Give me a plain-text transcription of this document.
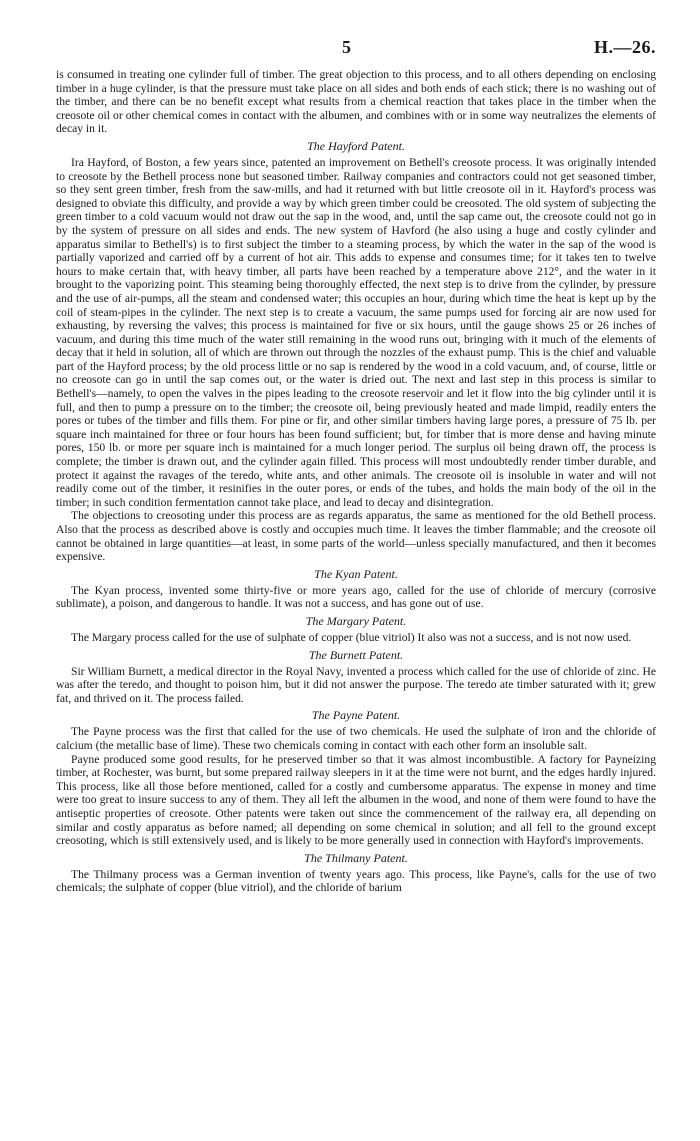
5	H.—26.

is consumed in treating one cylinder full of timber. The great objection to this process, and to all others depending on enclosing timber in a huge cylinder, is that the pressure must take place on all sides and both ends of each stick; there is no washing out of the timber, and there can be no benefit except what results from a chemical reaction that takes place in the timber when the creosote oil or other chemical comes in contact with the albumen, and combines with or in some way neutralizes the elements of decay in it.

The Hayford Patent.

Ira Hayford, of Boston, a few years since, patented an improvement on Bethell's creosote process. It was originally intended to creosote by the Bethell process none but seasoned timber. Railway companies and contractors could not get seasoned timber, so they sent green timber, fresh from the saw-mills, and had it returned with but little creosote oil in it. Hayford's process was designed to obviate this difficulty, and provide a way by which green timber could be creosoted. The old system of subjecting the green timber to a cold vacuum would not draw out the sap in the wood, and, until the sap came out, the creosote could not go in by the system of pressure on all sides and ends. The new system of Havford (he also using a huge and costly cylinder and apparatus similar to Bethell's) is to first subject the timber to a steaming process, by which the water in the sap of the wood is partially vaporized and carried off by a current of hot air. This adds to expense and consumes time; for it takes ten to twelve hours to make certain that, with heavy timber, all parts have been reached by a temperature above 212°, and the water in it brought to the vaporizing point. This steaming being thoroughly effected, the next step is to drive from the cylinder, by pressure and the use of air-pumps, all the steam and condensed water; this occupies an hour, during which time the heat is kept up by the coil of steam-pipes in the cylinder. The next step is to create a vacuum, the same pumps used for forcing air are now used for exhausting, by reversing the valves; this process is maintained for five or six hours, until the gauge shows 25 or 26 inches of vacuum, and during this time much of the water still remaining in the wood runs out, bringing with it much of the elements of decay that it held in solution, all of which are thrown out through the nozzles of the exhaust pump. This is the chief and valuable part of the Hayford process; by the old process little or no sap is rendered by the wood in a cold vacuum, and, of course, little or no creosote can go in until the sap comes out, or the water is dried out. The next and last step in this process is similar to Bethell's—namely, to open the valves in the pipes leading to the creosote reservoir and let it flow into the big cylinder until it is full, and then to pump a pressure on to the timber; the creosote oil, being previously heated and made limpid, readily enters the pores or tubes of the timber and fills them. For pine or fir, and other similar timbers having large pores, a pressure of 75 lb. per square inch maintained for three or four hours has been found sufficient; but, for timber that is more dense and having minute pores, 150 lb. or more per square inch is maintained for a much longer period. The surplus oil being drawn off, the process is complete; the timber is drawn out, and the cylinder again filled. This process will most undoubtedly render timber durable, and protect it against the ravages of the teredo, white ants, and other animals. The creosote oil is insoluble in water and will not readily come out of the timber, it resinifies in the outer pores, or ends of the tubes, and holds the main body of the oil in the timber; in such condition fermentation cannot take place, and lead to decay and disintegration.

The objections to creosoting under this process are as regards apparatus, the same as mentioned for the old Bethell process. Also that the process as described above is costly and occupies much time. It leaves the timber flammable; and the creosote oil cannot be obtained in large quantities—at least, in some parts of the world—unless specially manufactured, and then it becomes expensive.

The Kyan Patent.

The Kyan process, invented some thirty-five or more years ago, called for the use of chloride of mercury (corrosive sublimate), a poison, and dangerous to handle. It was not a success, and has gone out of use.

The Margary Patent.

The Margary process called for the use of sulphate of copper (blue vitriol) It also was not a success, and is not now used.

The Burnett Patent.

Sir William Burnett, a medical director in the Royal Navy, invented a process which called for the use of chloride of zinc. He was after the teredo, and thought to poison him, but it did not answer the purpose. The teredo ate timber saturated with it; grew fat, and thrived on it. The process failed.

The Payne Patent.

The Payne process was the first that called for the use of two chemicals. He used the sulphate of iron and the chloride of calcium (the metallic base of lime). These two chemicals coming in contact with each other form an insoluble salt.

Payne produced some good results, for he preserved timber so that it was almost incombustible. A factory for Payneizing timber, at Rochester, was burnt, but some prepared railway sleepers in it at the time were not burnt, and the edges hardly injured. This process, like all those before mentioned, called for a costly and cumbersome apparatus. The expense in money and time were too great to insure success to any of them. They all left the albumen in the wood, and none of them were found to have the antiseptic properties of creosote. Other patents were taken out since the commencement of the railway era, all depending on similar and costly apparatus as before named; all depending on some chemical in solution; and all fell to the ground except creosoting, which is still extensively used, and is likely to be more generally used in connection with Hayford's improvements.

The Thilmany Patent.

The Thilmany process was a German invention of twenty years ago. This process, like Payne's, calls for the use of two chemicals; the sulphate of copper (blue vitriol), and the chloride of barium
